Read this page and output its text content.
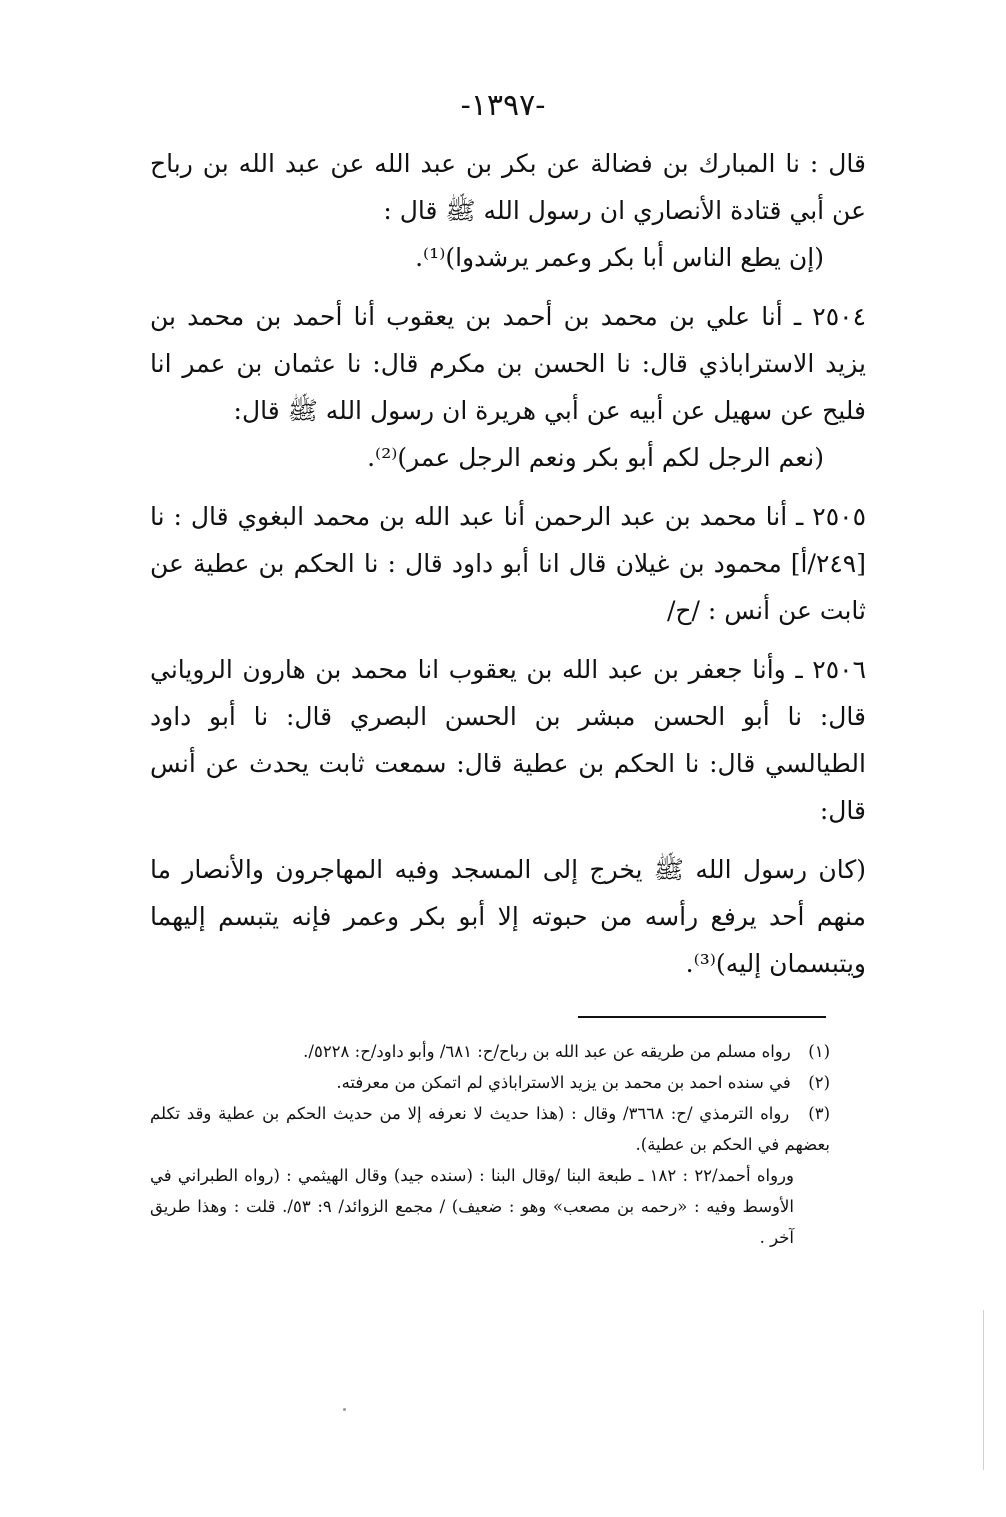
-١٣٩٧-

قال : نا المبارك بن فضالة عن بكر بن عبد الله عن عبد الله بن رباح عن أبي قتادة الأنصاري ان رسول الله ﷺ قال :

(إن يطع الناس أبا بكر وعمر يرشدوا)⁽¹⁾.

٢٥٠٤ ـ أنا علي بن محمد بن أحمد بن يعقوب أنا أحمد بن محمد بن يزيد الاستراباذي قال: نا الحسن بن مكرم قال: نا عثمان بن عمر انا فليح عن سهيل عن أبيه عن أبي هريرة ان رسول الله ﷺ قال:

(نعم الرجل لكم أبو بكر ونعم الرجل عمر)⁽²⁾.

٢٥٠٥ ـ أنا محمد بن عبد الرحمن أنا عبد الله بن محمد البغوي قال : نا [٢٤٩/أ] محمود بن غيلان قال انا أبو داود قال : نا الحكم بن عطية عن ثابت عن أنس : /ح/

٢٥٠٦ ـ وأنا جعفر بن عبد الله بن يعقوب انا محمد بن هارون الروياني قال: نا أبو الحسن مبشر بن الحسن البصري قال: نا أبو داود الطيالسي قال: نا الحكم بن عطية قال: سمعت ثابت يحدث عن أنس قال:

(كان رسول الله ﷺ يخرج إلى المسجد وفيه المهاجرون والأنصار ما منهم أحد يرفع رأسه من حبوته إلا أبو بكر وعمر فإنه يتبسم إليهما ويتبسمان إليه)⁽³⁾.

(١) رواه مسلم من طريقه عن عبد الله بن رباح/ح: ٦٨١/ وأبو داود/ح: ٥٢٢٨/.

(٢) في سنده احمد بن محمد بن يزيد الاستراباذي لم اتمكن من معرفته.

(٣) رواه الترمذي /ح: ٣٦٦٨/ وقال : (هذا حديث لا نعرفه إلا من حديث الحكم بن عطية وقد تكلم بعضهم في الحكم بن عطية).

ورواه أحمد/٢٢ : ١٨٢ ـ طبعة البنا /وقال البنا : (سنده جيد) وقال الهيثمي : (رواه الطبراني في الأوسط وفيه : «رحمه بن مصعب» وهو : ضعيف) / مجمع الزوائد/ ٩: ٥٣/. قلت : وهذا طريق آخر .
